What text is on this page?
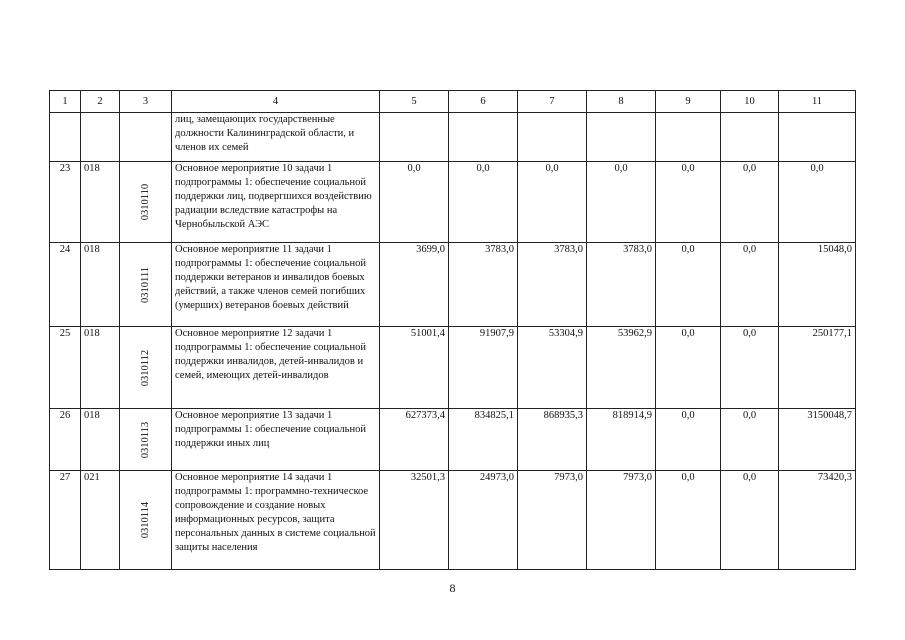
1	2	3	4	5	6	7	8	9	10	11
			лиц, замещающих государственные должности Калининградской области, и членов их семей							
23	018	0310110	Основное мероприятие 10 задачи 1 подпрограммы 1: обеспечение социальной поддержки лиц, подвергшихся воздействию радиации вследствие катастрофы на Чернобыльской АЭС	0,0	0,0	0,0	0,0	0,0	0,0	0,0
24	018	0310111	Основное мероприятие 11 задачи 1 подпрограммы 1: обеспечение социальной поддержки ветеранов и инвалидов боевых действий, а также членов семей погибших (умерших) ветеранов боевых действий	3699,0	3783,0	3783,0	3783,0	0,0	0,0	15048,0
25	018	0310112	Основное мероприятие 12 задачи 1 подпрограммы 1: обеспечение социальной поддержки инвалидов, детей-инвалидов и семей, имеющих детей-инвалидов	51001,4	91907,9	53304,9	53962,9	0,0	0,0	250177,1
26	018	0310113	Основное мероприятие 13 задачи 1 подпрограммы 1: обеспечение социальной поддержки иных лиц	627373,4	834825,1	868935,3	818914,9	0,0	0,0	3150048,7
27	021	0310114	Основное мероприятие 14 задачи 1 подпрограммы 1: программно-техническое сопровождение и создание новых информационных ресурсов, защита персональных данных в системе социальной защиты населения	32501,3	24973,0	7973,0	7973,0	0,0	0,0	73420,3
8
